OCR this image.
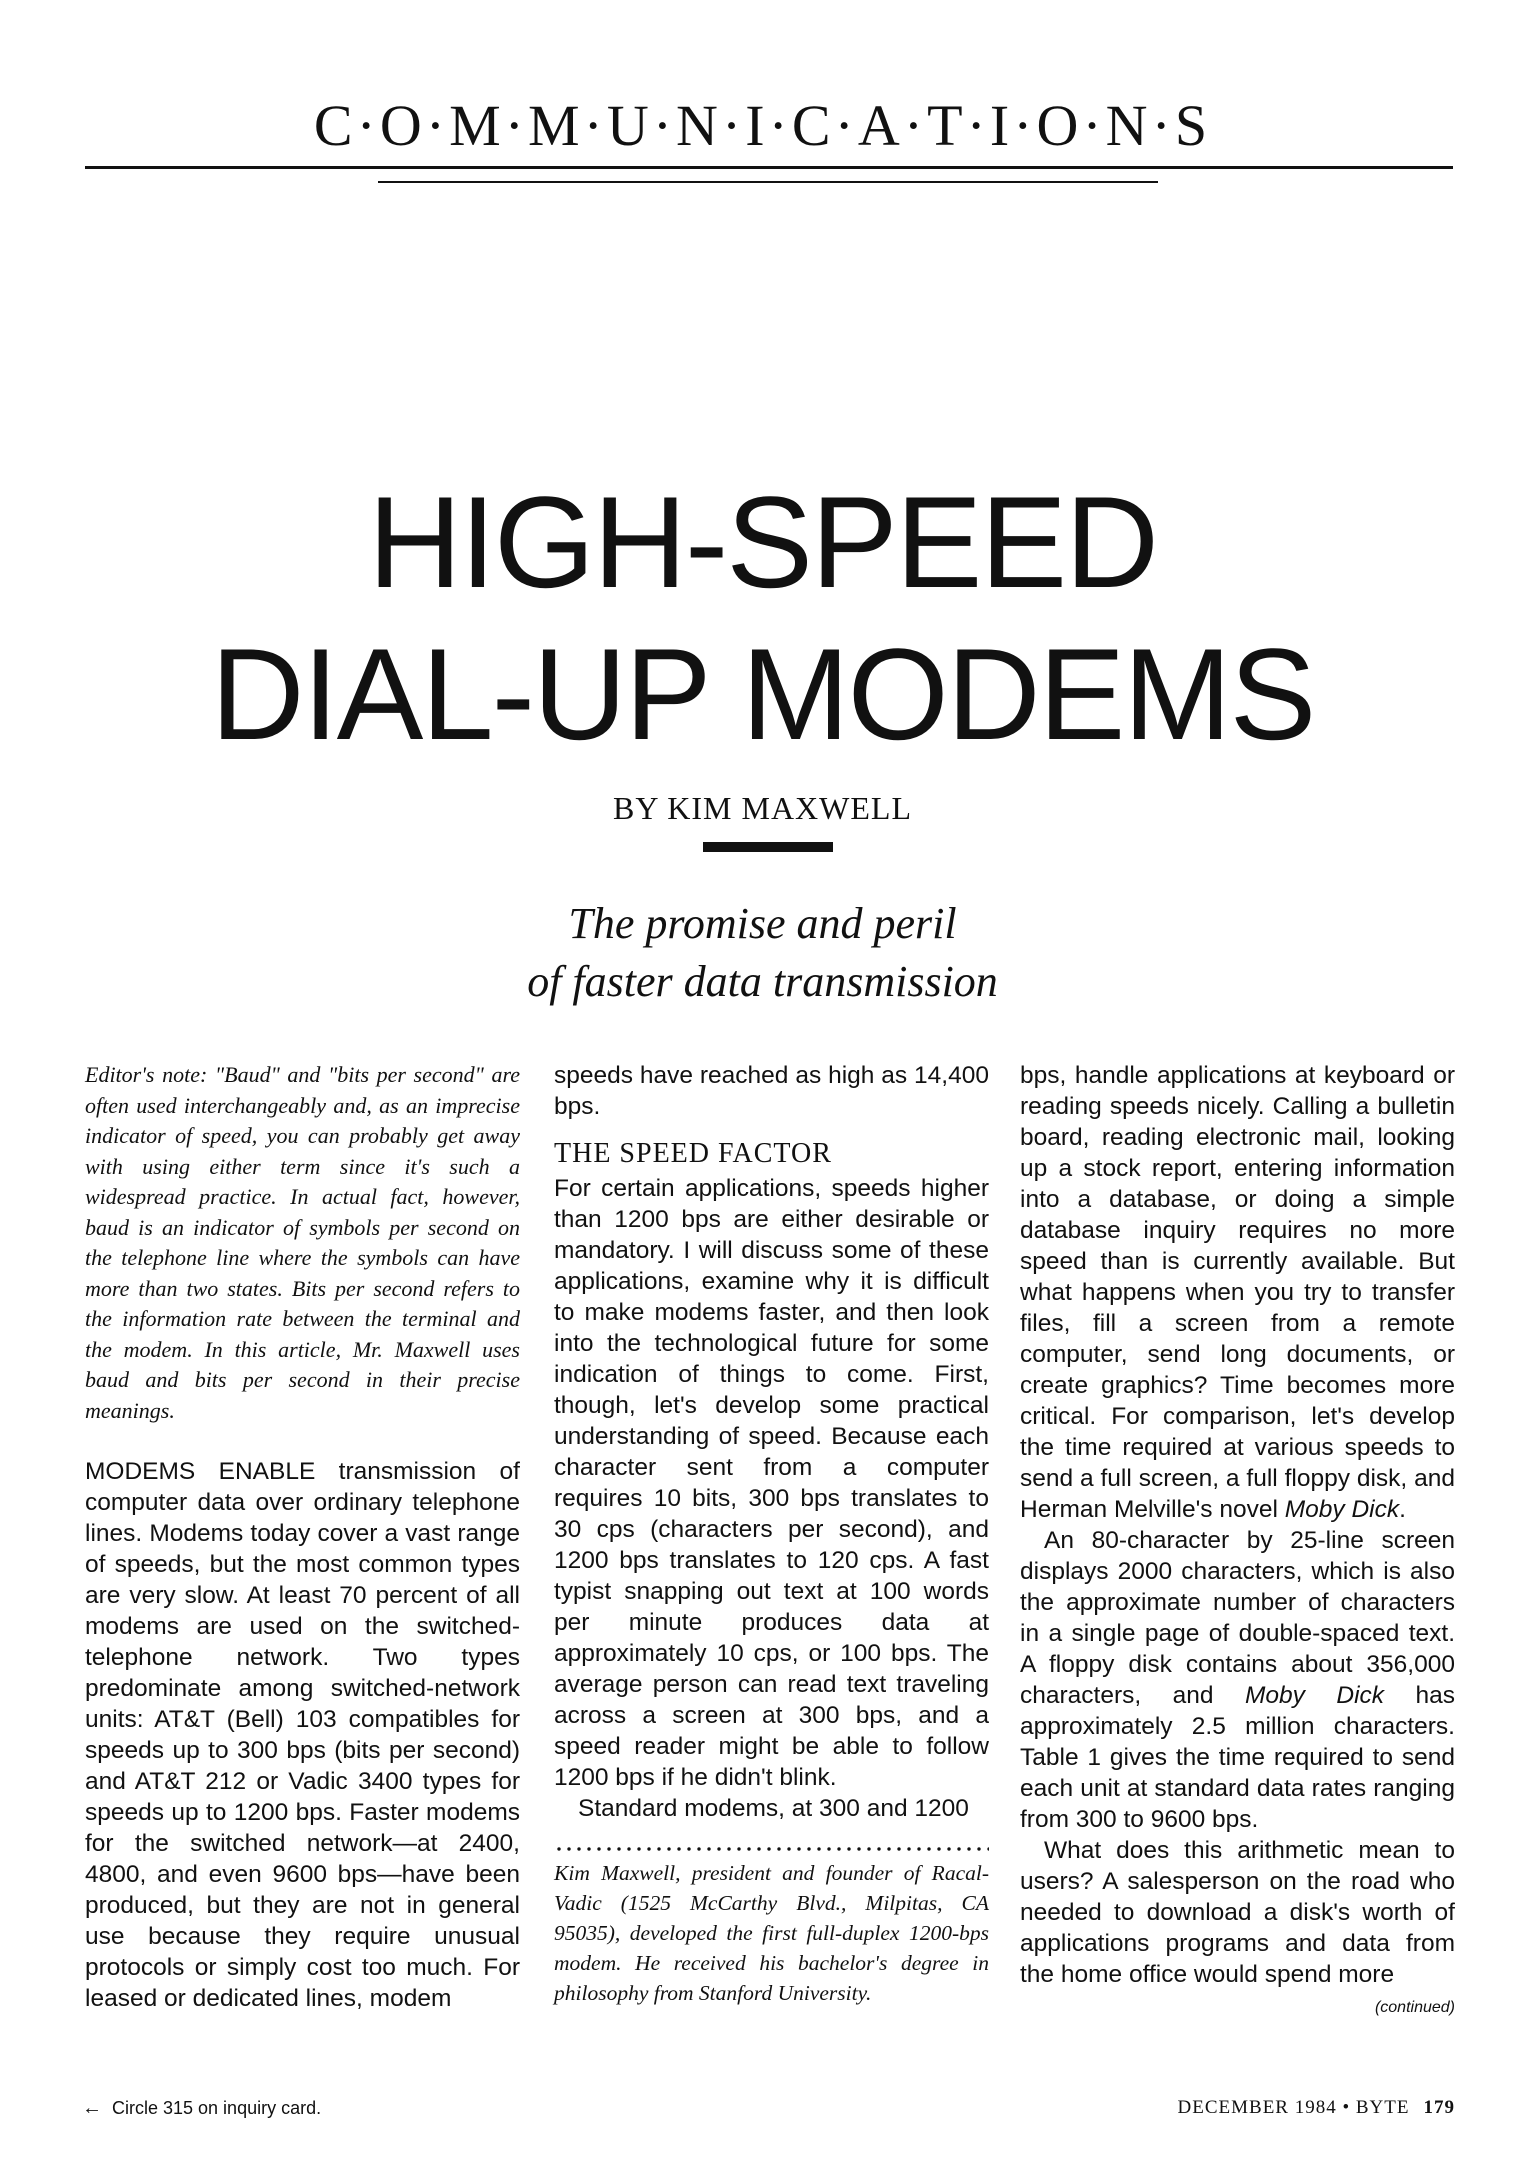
C·O·M·M·U·N·I·C·A·T·I·O·N·S
HIGH-SPEED
DIAL-UP MODEMS
BY KIM MAXWELL
The promise and peril
of faster data transmission

Editor's note: "Baud" and "bits per second" are often used interchangeably and, as an imprecise indicator of speed, you can probably get away with using either term since it's such a widespread practice. In actual fact, however, baud is an indicator of symbols per second on the telephone line where the symbols can have more than two states. Bits per second refers to the information rate between the terminal and the modem. In this article, Mr. Maxwell uses baud and bits per second in their precise meanings.

MODEMS ENABLE transmission of computer data over ordinary telephone lines. Modems today cover a vast range of speeds, but the most common types are very slow. At least 70 percent of all modems are used on the switched-telephone network. Two types predominate among switched-network units: AT&T (Bell) 103 compatibles for speeds up to 300 bps (bits per second) and AT&T 212 or Vadic 3400 types for speeds up to 1200 bps. Faster modems for the switched network—at 2400, 4800, and even 9600 bps—have been produced, but they are not in general use because they require unusual protocols or simply cost too much. For leased or dedicated lines, modem

speeds have reached as high as 14,400 bps.

THE SPEED FACTOR

For certain applications, speeds higher than 1200 bps are either desirable or mandatory. I will discuss some of these applications, examine why it is difficult to make modems faster, and then look into the technological future for some indication of things to come. First, though, let's develop some practical understanding of speed. Because each character sent from a computer requires 10 bits, 300 bps translates to 30 cps (characters per second), and 1200 bps translates to 120 cps. A fast typist snapping out text at 100 words per minute produces data at approximately 10 cps, or 100 bps. The average person can read text traveling across a screen at 300 bps, and a speed reader might be able to follow 1200 bps if he didn't blink.

Standard modems, at 300 and 1200

Kim Maxwell, president and founder of Racal-Vadic (1525 McCarthy Blvd., Milpitas, CA 95035), developed the first full-duplex 1200-bps modem. He received his bachelor's degree in philosophy from Stanford University.

bps, handle applications at keyboard or reading speeds nicely. Calling a bulletin board, reading electronic mail, looking up a stock report, entering information into a database, or doing a simple database inquiry requires no more speed than is currently available. But what happens when you try to transfer files, fill a screen from a remote computer, send long documents, or create graphics? Time becomes more critical. For comparison, let's develop the time required at various speeds to send a full screen, a full floppy disk, and Herman Melville's novel Moby Dick.

An 80-character by 25-line screen displays 2000 characters, which is also the approximate number of characters in a single page of double-spaced text. A floppy disk contains about 356,000 characters, and Moby Dick has approximately 2.5 million characters. Table 1 gives the time required to send each unit at standard data rates ranging from 300 to 9600 bps.

What does this arithmetic mean to users? A salesperson on the road who needed to download a disk's worth of applications programs and data from the home office would spend more

(continued)
← Circle 315 on inquiry card.	DECEMBER 1984 • BYTE 179
